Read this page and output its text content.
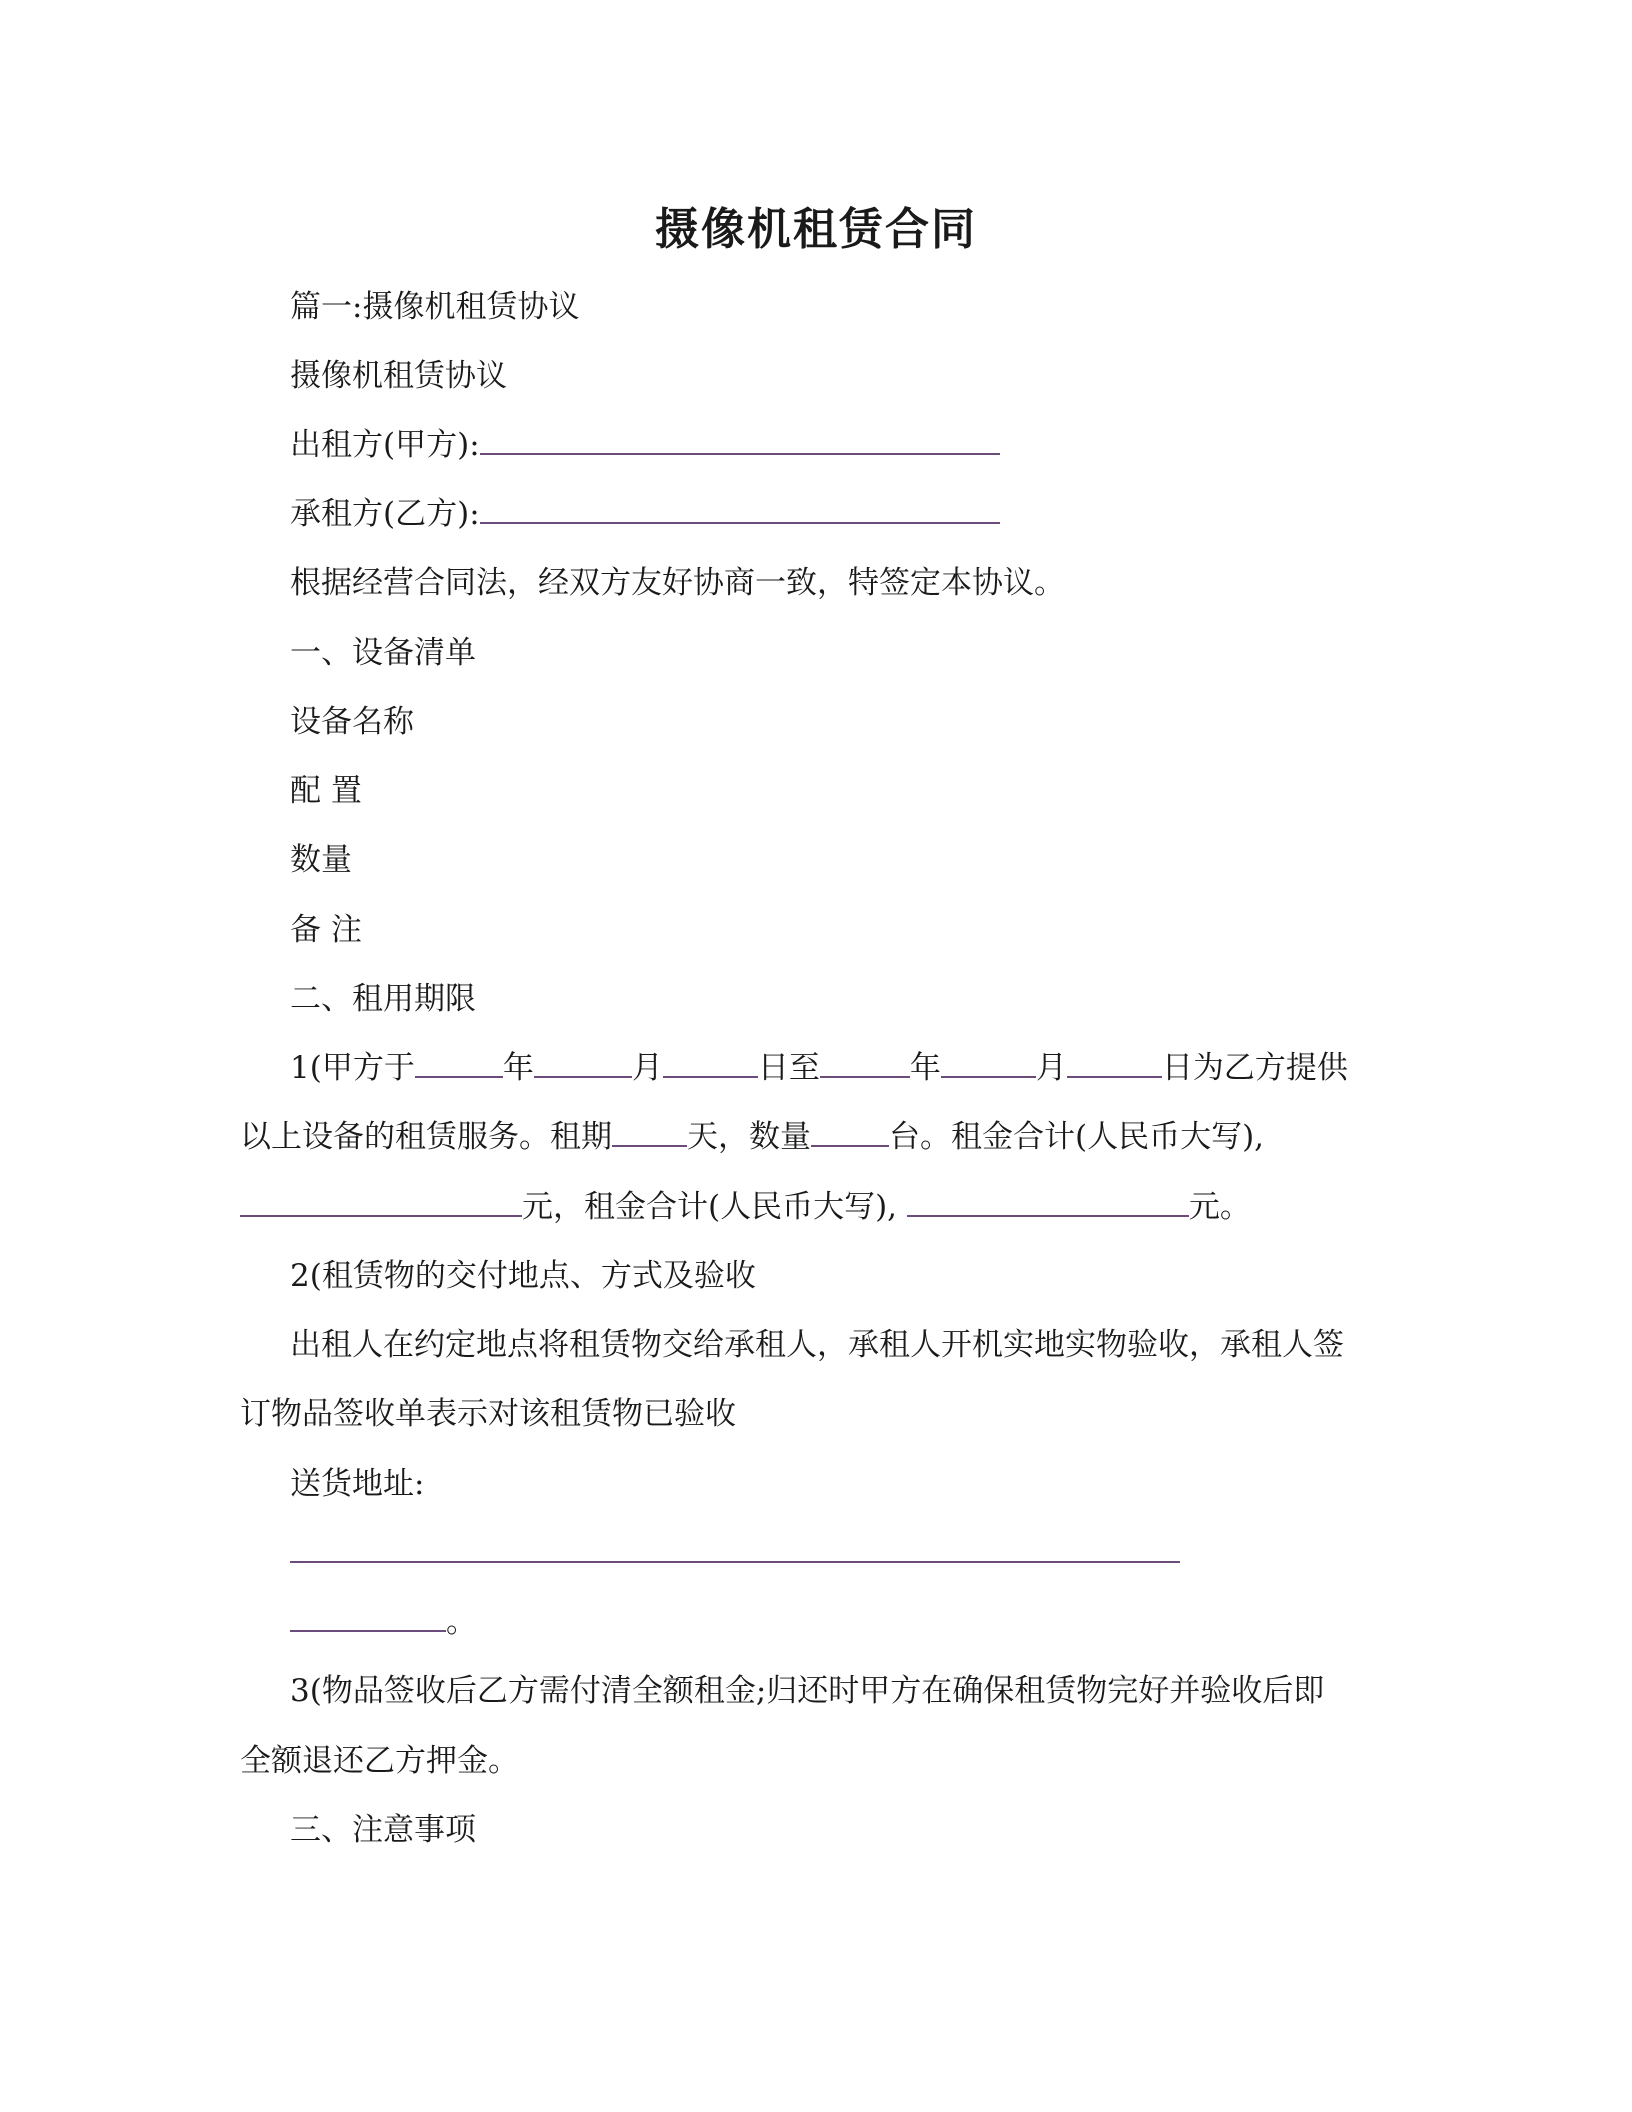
摄像机租赁合同
篇一:摄像机租赁协议
摄像机租赁协议
出租方(甲方):
承租方(乙方):
根据经营合同法，经双方友好协商一致，特签定本协议。
一、设备清单
设备名称
配 置
数量
备 注
二、租用期限
1(甲方于	年	月	日至	年	月	日为乙方提供
以上设备的租赁服务。租期 天，数量	台。租金合计(人民币大写),
元，租金合计(人民币大写),	元。
2(租赁物的交付地点、方式及验收
出租人在约定地点将租赁物交给承租人，承租人开机实地实物验收，承租人签
订物品签收单表示对该租赁物已验收
送货地址:
。
3(物品签收后乙方需付清全额租金;归还时甲方在确保租赁物完好并验收后即
全额退还乙方押金。
三、注意事项
